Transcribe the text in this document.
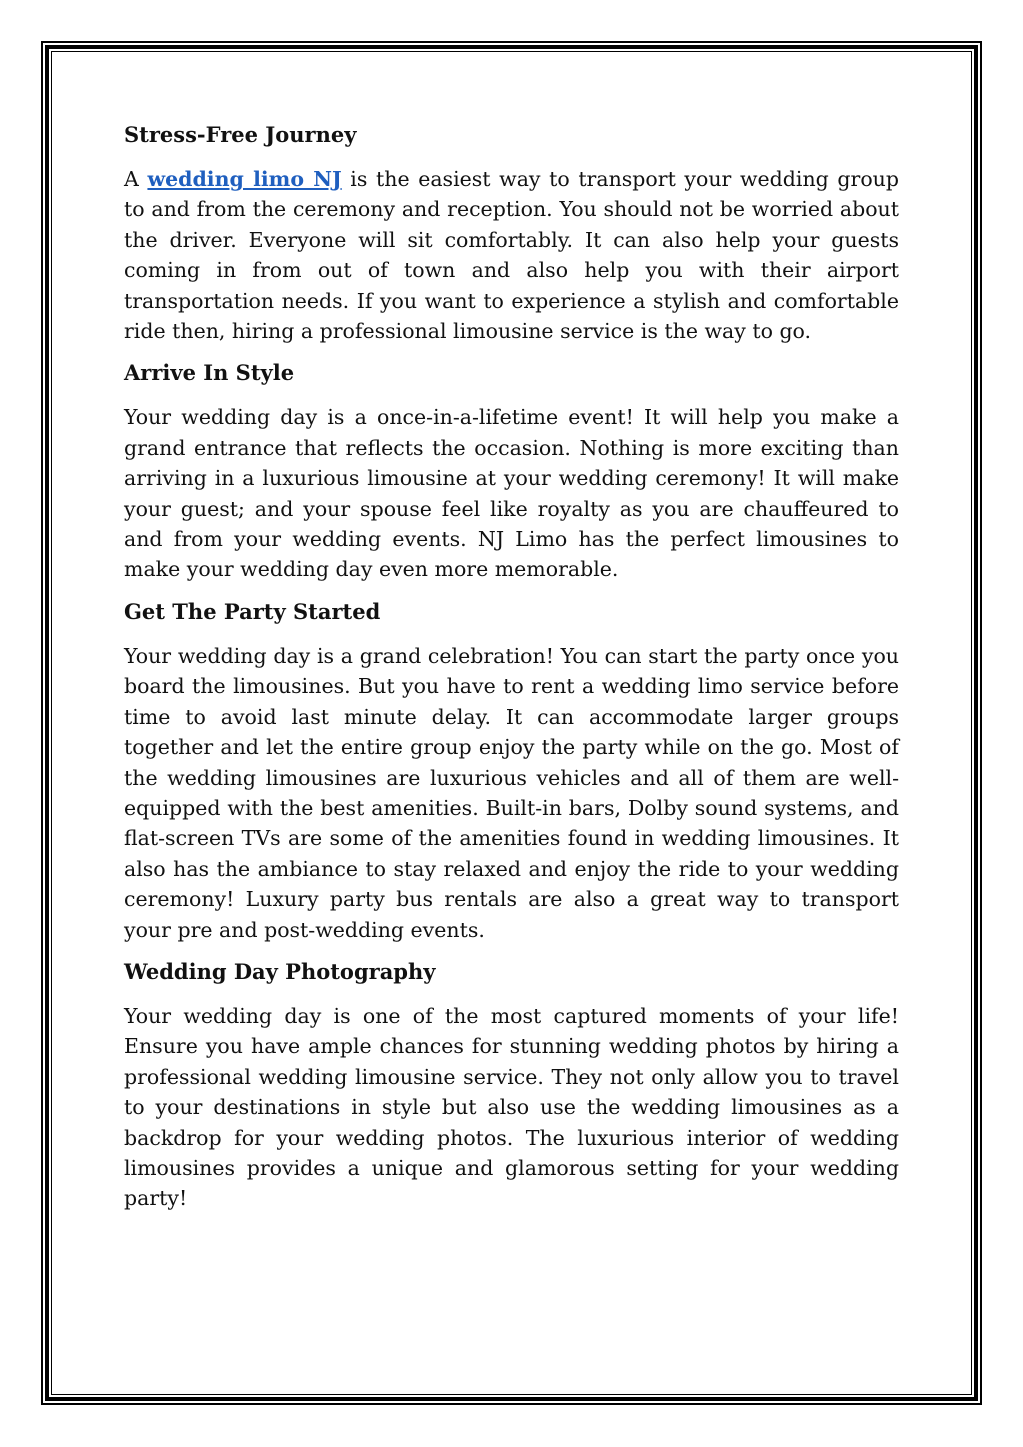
Stress-Free Journey

A wedding limo NJ is the easiest way to transport your wedding group to and from the ceremony and reception. You should not be worried about the driver. Everyone will sit comfortably. It can also help your guests coming in from out of town and also help you with their airport transportation needs. If you want to experience a stylish and comfortable ride then, hiring a professional limousine service is the way to go.

Arrive In Style

Your wedding day is a once-in-a-lifetime event! It will help you make a grand entrance that reflects the occasion. Nothing is more exciting than arriving in a luxurious limousine at your wedding ceremony! It will make your guest; and your spouse feel like royalty as you are chauffeured to and from your wedding events. NJ Limo has the perfect limousines to make your wedding day even more memorable.

Get The Party Started

Your wedding day is a grand celebration! You can start the party once you board the limousines. But you have to rent a wedding limo service before time to avoid last minute delay. It can accommodate larger groups together and let the entire group enjoy the party while on the go. Most of the wedding limousines are luxurious vehicles and all of them are well-equipped with the best amenities. Built-in bars, Dolby sound systems, and flat-screen TVs are some of the amenities found in wedding limousines. It also has the ambiance to stay relaxed and enjoy the ride to your wedding ceremony! Luxury party bus rentals are also a great way to transport your pre and post-wedding events.

Wedding Day Photography

Your wedding day is one of the most captured moments of your life! Ensure you have ample chances for stunning wedding photos by hiring a professional wedding limousine service. They not only allow you to travel to your destinations in style but also use the wedding limousines as a backdrop for your wedding photos. The luxurious interior of wedding limousines provides a unique and glamorous setting for your wedding party!
